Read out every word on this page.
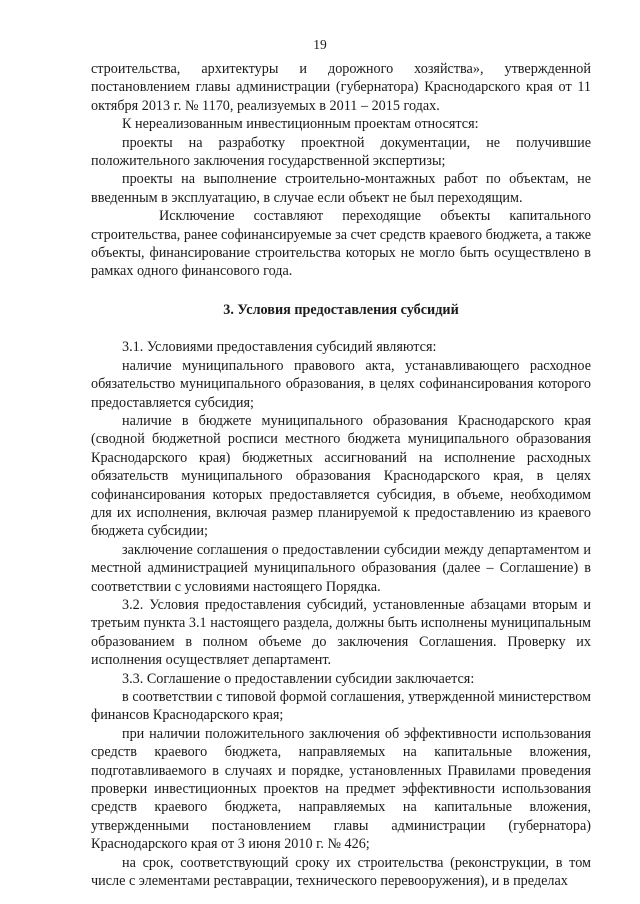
19

строительства, архитектуры и дорожного хозяйства», утвержденной постановлением главы администрации (губернатора) Краснодарского края от 11 октября 2013 г. № 1170, реализуемых в 2011 – 2015 годах.

К нереализованным инвестиционным проектам относятся:

проекты на разработку проектной документации, не получившие положительного заключения государственной экспертизы;

проекты на выполнение строительно-монтажных работ по объектам, не введенным в эксплуатацию, в случае если объект не был переходящим.

Исключение составляют переходящие объекты капитального строительства, ранее софинансируемые за счет средств краевого бюджета, а также объекты, финансирование строительства которых не могло быть осуществлено в рамках одного финансового года.

3. Условия предоставления субсидий

3.1. Условиями предоставления субсидий являются:

наличие муниципального правового акта, устанавливающего расходное обязательство муниципального образования, в целях софинансирования которого предоставляется субсидия;

наличие в бюджете муниципального образования Краснодарского края (сводной бюджетной росписи местного бюджета муниципального образования Краснодарского края) бюджетных ассигнований на исполнение расходных обязательств муниципального образования Краснодарского края, в целях софинансирования которых предоставляется субсидия, в объеме, необходимом для их исполнения, включая размер планируемой к предоставлению из краевого бюджета субсидии;

заключение соглашения о предоставлении субсидии между департаментом и местной администрацией муниципального образования (далее – Соглашение) в соответствии с условиями настоящего Порядка.

3.2. Условия предоставления субсидий, установленные абзацами вторым и третьим пункта 3.1 настоящего раздела, должны быть исполнены муниципальным образованием в полном объеме до заключения Соглашения. Проверку их исполнения осуществляет департамент.

3.3. Соглашение о предоставлении субсидии заключается:

в соответствии с типовой формой соглашения, утвержденной министерством финансов Краснодарского края;

при наличии положительного заключения об эффективности использования средств краевого бюджета, направляемых на капитальные вложения, подготавливаемого в случаях и порядке, установленных Правилами проведения проверки инвестиционных проектов на предмет эффективности использования средств краевого бюджета, направляемых на капитальные вложения, утвержденными постановлением главы администрации (губернатора) Краснодарского края от 3 июня 2010 г. № 426;

на срок, соответствующий сроку их строительства (реконструкции, в том числе с элементами реставрации, технического перевооружения), и в пределах
